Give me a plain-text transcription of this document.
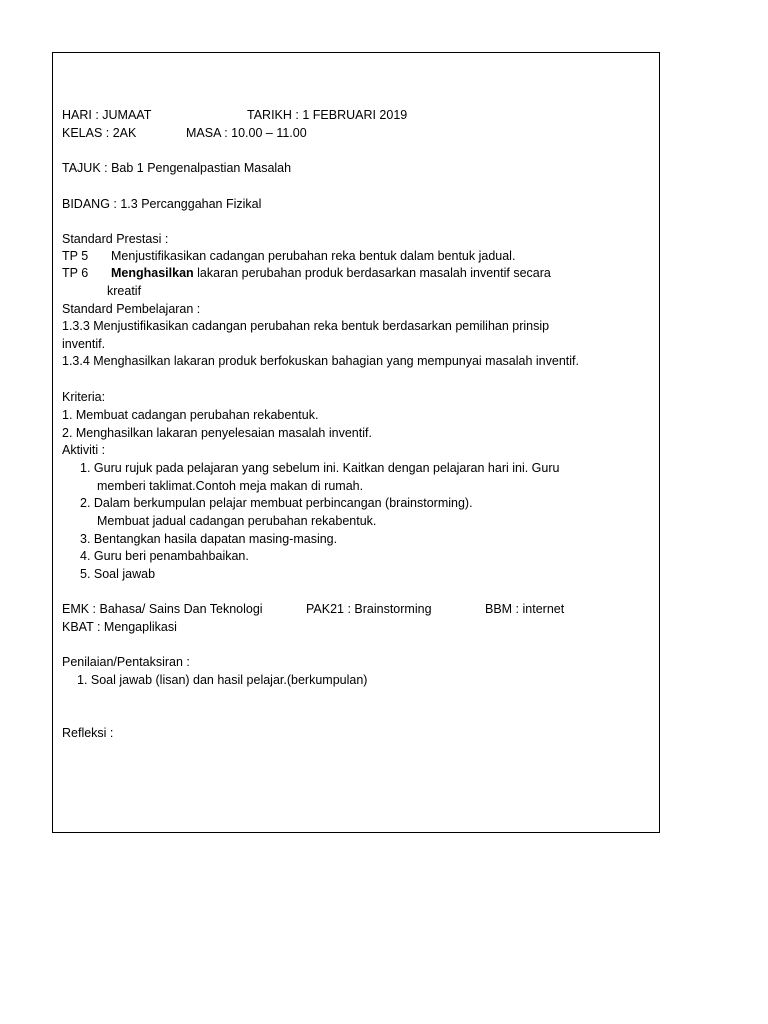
HARI : JUMAAT	TARIKH : 1 FEBRUARI 2019
KELAS : 2AK	MASA : 10.00 – 11.00
TAJUK : Bab 1 Pengenalpastian Masalah
BIDANG : 1.3 Percanggahan Fizikal
Standard Prestasi :
TP 5 Menjustifikasikan cadangan perubahan reka bentuk dalam bentuk jadual.
TP 6 Menghasilkan lakaran perubahan produk berdasarkan masalah inventif secara
kreatif
Standard Pembelajaran :
1.3.3 Menjustifikasikan cadangan perubahan reka bentuk berdasarkan pemilihan prinsip
inventif.
1.3.4 Menghasilkan lakaran produk berfokuskan bahagian yang mempunyai masalah inventif.
Kriteria:
1. Membuat cadangan perubahan rekabentuk.
2. Menghasilkan lakaran penyelesaian masalah inventif.
Aktiviti :
1. Guru rujuk pada pelajaran yang sebelum ini. Kaitkan dengan pelajaran hari ini. Guru
memberi taklimat.Contoh meja makan di rumah.
2. Dalam berkumpulan pelajar membuat perbincangan (brainstorming).
Membuat jadual cadangan perubahan rekabentuk.
3. Bentangkan hasila dapatan masing-masing.
4. Guru beri penambahbaikan.
5. Soal jawab
EMK : Bahasa/ Sains Dan Teknologi	PAK21 : Brainstorming	BBM : internet
KBAT : Mengaplikasi
Penilaian/Pentaksiran :
1. Soal jawab (lisan) dan hasil pelajar.(berkumpulan)
Refleksi :
